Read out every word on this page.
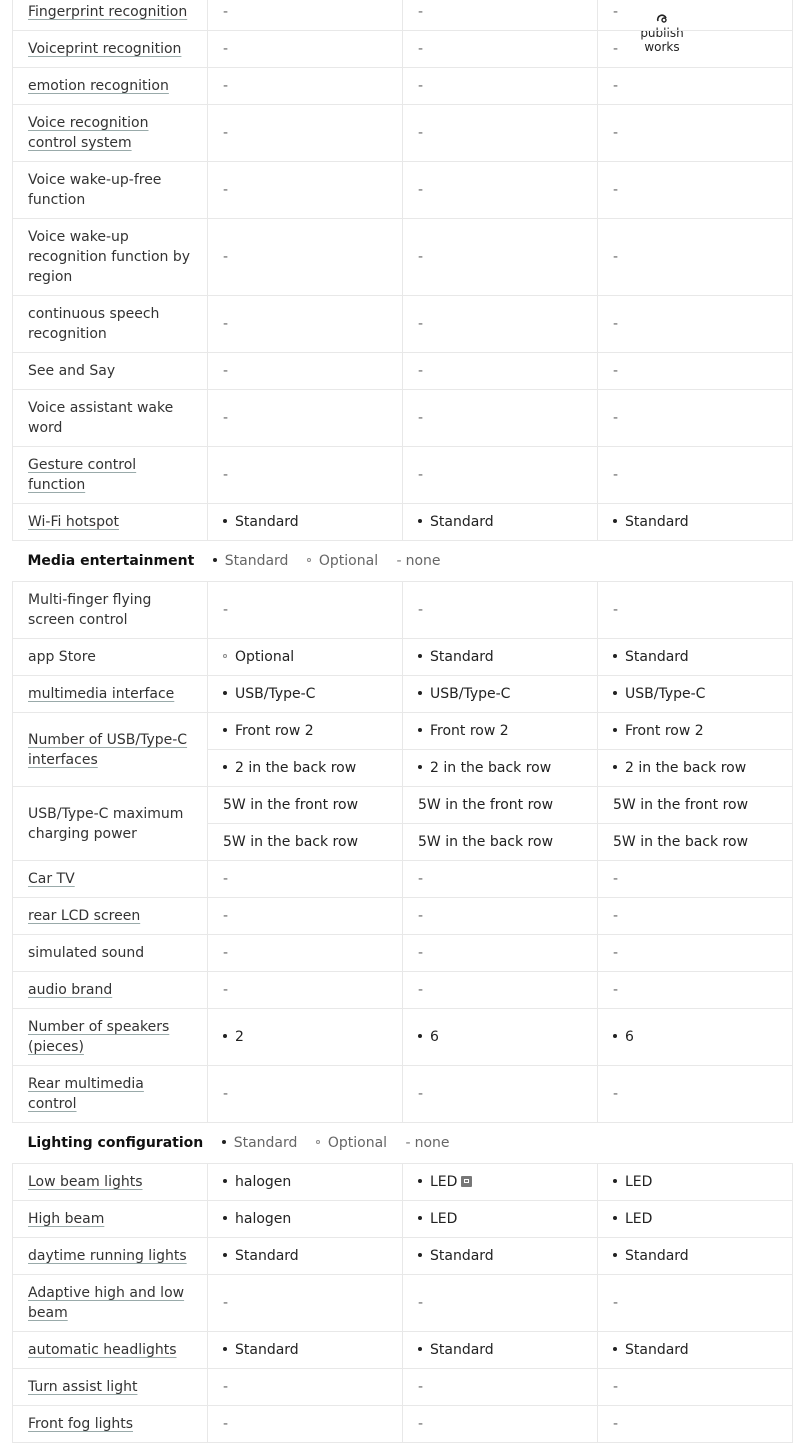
publish works
Fingerprint recognition	-	-	-
Voiceprint recognition	-	-	-
emotion recognition	-	-	-
Voice recognition control system	-	-	-
Voice wake-up-free function	-	-	-
Voice wake-up recognition function by region	-	-	-
continuous speech recognition	-	-	-
See and Say	-	-	-
Voice assistant wake word	-	-	-
Gesture control function	-	-	-
Wi-Fi hotspot	Standard	Standard	Standard
Media entertainment Standard Optional - none			
Multi-finger flying screen control	-	-	-
app Store	Optional	Standard	Standard
multimedia interface	USB/Type-C	USB/Type-C	USB/Type-C
Number of USB/Type-C interfaces	Front row 2	Front row 2	Front row 2
	2 in the back row	2 in the back row	2 in the back row
USB/Type-C maximum charging power	5W in the front row	5W in the front row	5W in the front row
	5W in the back row	5W in the back row	5W in the back row
Car TV	-	-	-
rear LCD screen	-	-	-
simulated sound	-	-	-
audio brand	-	-	-
Number of speakers (pieces)	2	6	6
Rear multimedia control	-	-	-
Lighting configuration Standard Optional - none			
Low beam lights	halogen	LED	LED
High beam	halogen	LED	LED
daytime running lights	Standard	Standard	Standard
Adaptive high and low beam	-	-	-
automatic headlights	Standard	Standard	Standard
Turn assist light	-	-	-
Front fog lights	-	-	-
